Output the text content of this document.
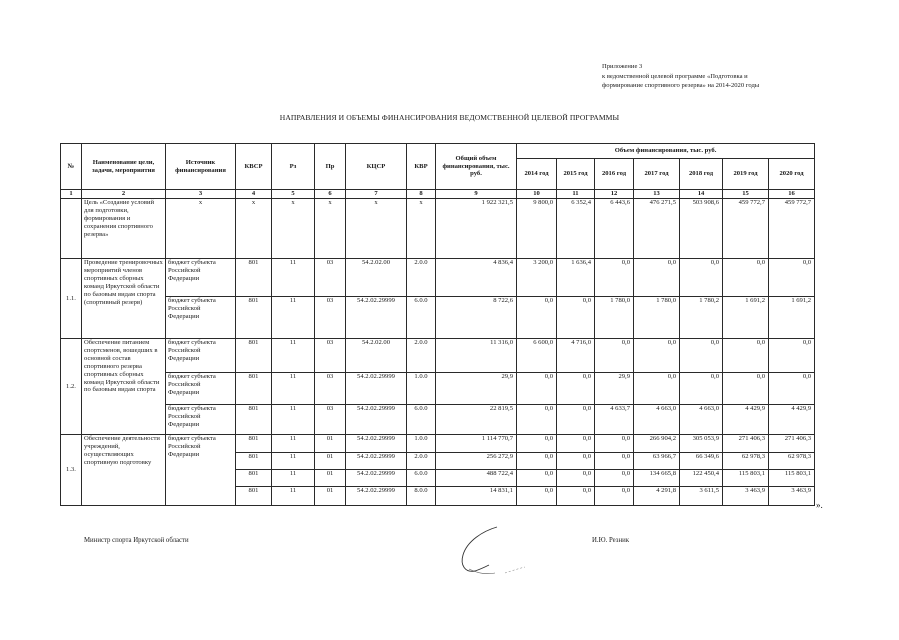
Приложение 3
к ведомственной целевой программе «Подготовка и
формирование спортивного резерва» на 2014-2020 годы
НАПРАВЛЕНИЯ И ОБЪЕМЫ ФИНАНСИРОВАНИЯ ВЕДОМСТВЕННОЙ ЦЕЛЕВОЙ ПРОГРАММЫ
№	Наименование цели, задачи, мероприятия	Источник финансирования	КВСР	Рз	Пр	КЦСР	КВР	Общий объем финансирования, тыс. руб.	Объем финансирования, тыс. руб.						
									2014 год	2015 год	2016 год	2017 год	2018 год	2019 год	2020 год
1	2	3	4	5	6	7	8	9	10	11	12	13	14	15	16
	Цель «Создание условий для подготовки, формирования и сохранения спортивного резерва»	х	х	х	х	х	х	1 922 321,5	9 800,0	6 352,4	6 443,6	476 271,5	503 908,6	459 772,7	459 772,7
1.1.	Проведение тренировочных мероприятий членов спортивных сборных команд Иркутской области по базовым видам спорта (спортивный резерв)	бюджет субъекта Российской Федерации	801	11	03	54.2.02.00	2.0.0	4 836,4	3 200,0	1 636,4	0,0	0,0	0,0	0,0	0,0
		бюджет субъекта Российской Федерации	801	11	03	54.2.02.29999	6.0.0	8 722,6	0,0	0,0	1 780,0	1 780,0	1 780,2	1 691,2	1 691,2
1.2.	Обеспечение питанием спортсменов, вошедших в основной состав спортивного резерва спортивных сборных команд Иркутской области по базовым видам спорта	бюджет субъекта Российской Федерации	801	11	03	54.2.02.00	2.0.0	11 316,0	6 600,0	4 716,0	0,0	0,0	0,0	0,0	0,0
		бюджет субъекта Российской Федерации	801	11	03	54.2.02.29999	1.0.0	29,9	0,0	0,0	29,9	0,0	0,0	0,0	0,0
		бюджет субъекта Российской Федерации	801	11	03	54.2.02.29999	6.0.0	22 819,5	0,0	0,0	4 633,7	4 663,0	4 663,0	4 429,9	4 429,9
1.3.	Обеспечение деятельности учреждений, осуществляющих спортивную подготовку	бюджет субъекта Российской Федерации	801	11	01	54.2.02.29999	1.0.0	1 114 770,7	0,0	0,0	0,0	266 904,2	305 053,9	271 406,3	271 406,3
			801	11	01	54.2.02.29999	2.0.0	256 272,9	0,0	0,0	0,0	63 966,7	66 349,6	62 978,3	62 978,3
			801	11	01	54.2.02.29999	6.0.0	488 722,4	0,0	0,0	0,0	134 665,8	122 450,4	115 803,1	115 803,1
			801	11	01	54.2.02.29999	8.0.0	14 831,1	0,0	0,0	0,0	4 291,8	3 611,5	3 463,9	3 463,9
».
Министр спорта Иркутской области	И.Ю. Резник
